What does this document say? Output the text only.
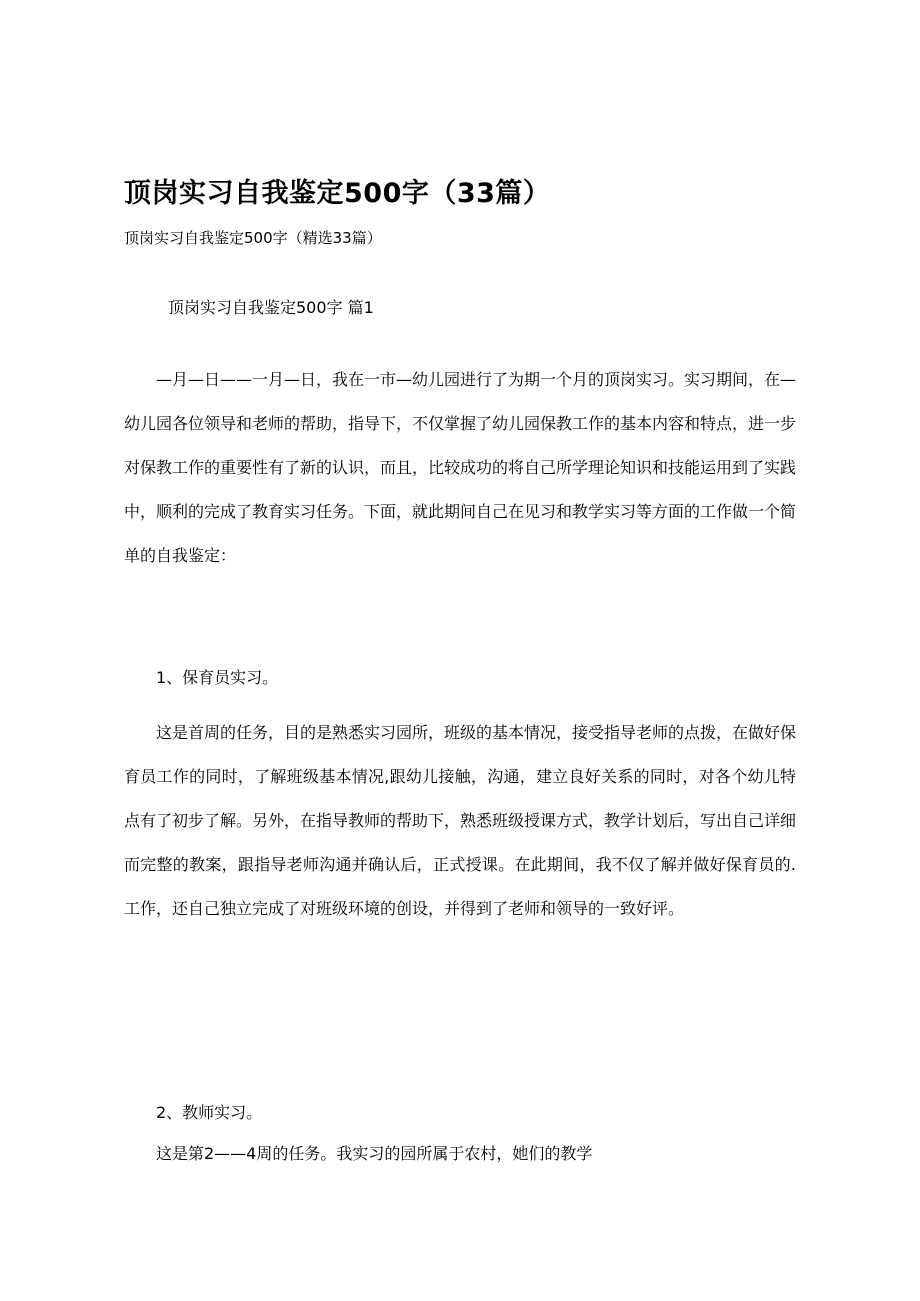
顶岗实习自我鉴定500字（33篇）
顶岗实习自我鉴定500字（精选33篇）
顶岗实习自我鉴定500字 篇1

—月—日——一月—日，我在一市—幼儿园进行了为期一个月的顶岗实习。实习期间，在—幼儿园各位领导和老师的帮助，指导下，不仅掌握了幼儿园保教工作的基本内容和特点，进一步对保教工作的重要性有了新的认识，而且，比较成功的将自己所学理论知识和技能运用到了实践中，顺利的完成了教育实习任务。下面，就此期间自己在见习和教学实习等方面的工作做一个简单的自我鉴定：

1、保育员实习。

这是首周的任务，目的是熟悉实习园所，班级的基本情况，接受指导老师的点拨，在做好保育员工作的同时，了解班级基本情况,跟幼儿接触，沟通，建立良好关系的同时，对各个幼儿特点有了初步了解。另外，在指导教师的帮助下，熟悉班级授课方式，教学计划后，写出自己详细而完整的教案，跟指导老师沟通并确认后，正式授课。在此期间，我不仅了解并做好保育员的.工作，还自己独立完成了对班级环境的创设，并得到了老师和领导的一致好评。

2、教师实习。

这是第2——4周的任务。我实习的园所属于农村，她们的教学
